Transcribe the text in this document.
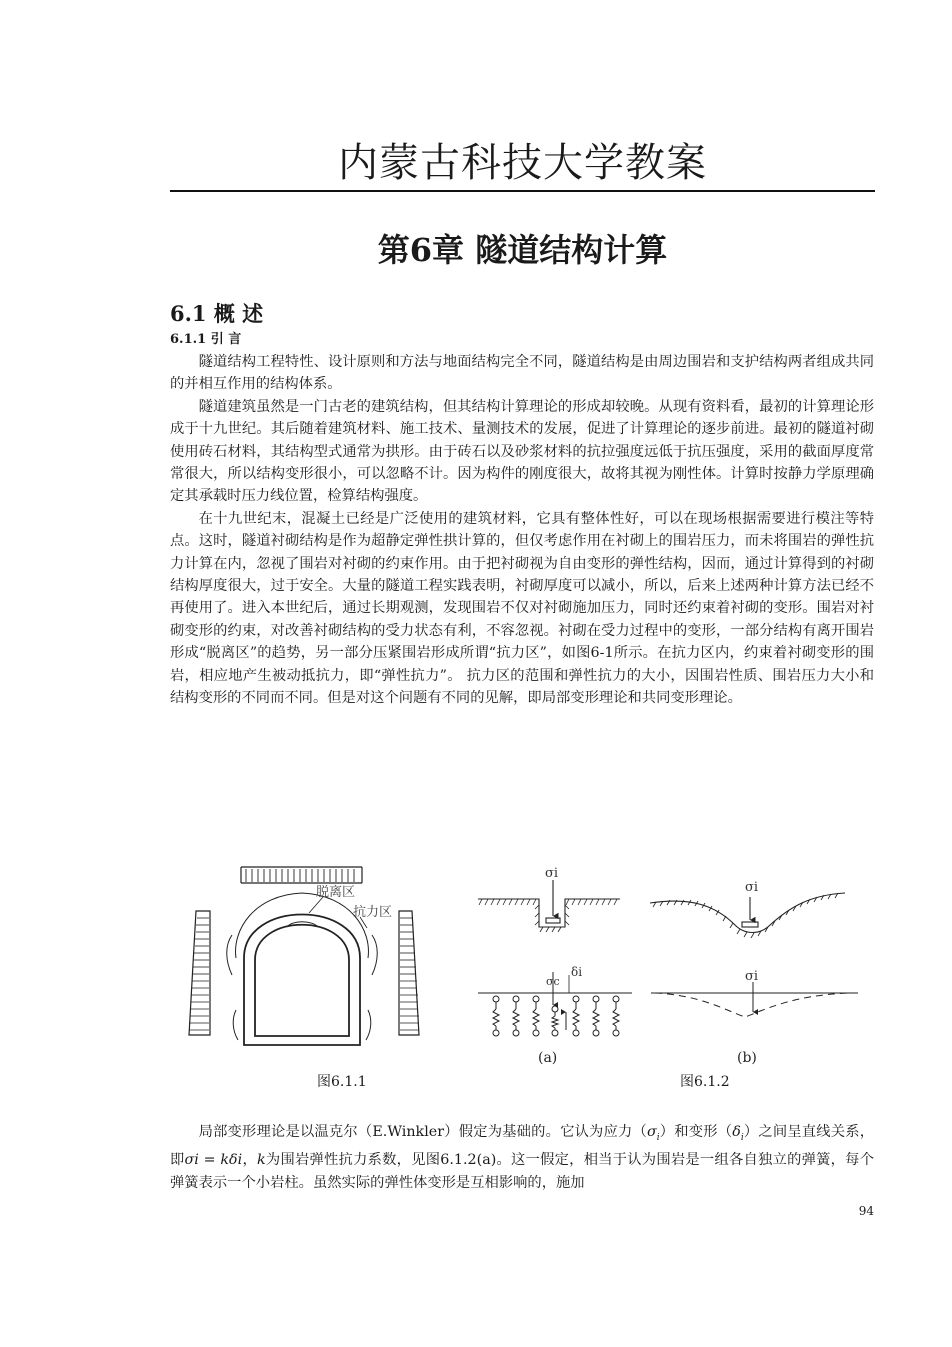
内蒙古科技大学教案
第6章 隧道结构计算
6.1 概 述
6.1.1 引 言

隧道结构工程特性、设计原则和方法与地面结构完全不同，隧道结构是由周边围岩和支护结构两者组成共同的并相互作用的结构体系。

隧道建筑虽然是一门古老的建筑结构，但其结构计算理论的形成却较晚。从现有资料看，最初的计算理论形成于十九世纪。其后随着建筑材料、施工技术、量测技术的发展，促进了计算理论的逐步前进。最初的隧道衬砌使用砖石材料，其结构型式通常为拱形。由于砖石以及砂浆材料的抗拉强度远低于抗压强度，采用的截面厚度常常很大，所以结构变形很小，可以忽略不计。因为构件的刚度很大，故将其视为刚性体。计算时按静力学原理确定其承载时压力线位置，检算结构强度。

在十九世纪末，混凝土已经是广泛使用的建筑材料，它具有整体性好，可以在现场根据需要进行模注等特点。这时，隧道衬砌结构是作为超静定弹性拱计算的，但仅考虑作用在衬砌上的围岩压力，而未将围岩的弹性抗力计算在内，忽视了围岩对衬砌的约束作用。由于把衬砌视为自由变形的弹性结构，因而，通过计算得到的衬砌结构厚度很大，过于安全。大量的隧道工程实践表明，衬砌厚度可以减小，所以，后来上述两种计算方法已经不再使用了。进入本世纪后，通过长期观测，发现围岩不仅对衬砌施加压力，同时还约束着衬砌的变形。围岩对衬砌变形的约束，对改善衬砌结构的受力状态有利，不容忽视。衬砌在受力过程中的变形，一部分结构有离开围岩形成“脱离区”的趋势，另一部分压紧围岩形成所谓“抗力区”，如图6-1所示。在抗力区内，约束着衬砌变形的围岩，相应地产生被动抵抗力，即“弹性抗力”。 抗力区的范围和弹性抗力的大小，因围岩性质、围岩压力大小和结构变形的不同而不同。但是对这个问题有不同的见解，即局部变形理论和共同变形理论。

脱离区
抗力区
σi
σi
σc
δi	σi
(a)	(b)
图6.1.1	图6.1.2

局部变形理论是以温克尔（E.Winkler）假定为基础的。它认为应力$(\sigma_i)$和变形$(\delta_i)$之间呈直线关系，即σi = kδi，k为围岩弹性抗力系数，见图6.1.2(a)。这一假定，相当于认为围岩是一组各自独立的弹簧，每个弹簧表示一个小岩柱。虽然实际的弹性体变形是互相影响的，施加

94
